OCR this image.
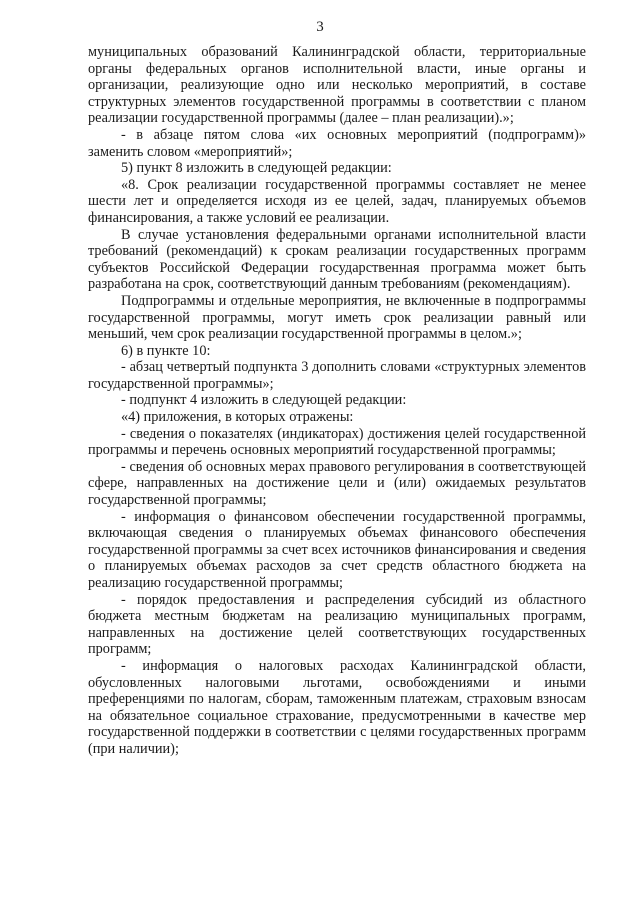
3

муниципальных образований Калининградской области, территориальные органы федеральных органов исполнительной власти, иные органы и организации, реализующие одно или несколько мероприятий, в составе структурных элементов государственной программы в соответствии с планом реализации государственной программы (далее – план реализации).»;

- в абзаце пятом слова «их основных мероприятий (подпрограмм)» заменить словом «мероприятий»;

5) пункт 8 изложить в следующей редакции:

«8. Срок реализации государственной программы составляет не менее шести лет и определяется исходя из ее целей, задач, планируемых объемов финансирования, а также условий ее реализации.

В случае установления федеральными органами исполнительной власти требований (рекомендаций) к срокам реализации государственных программ субъектов Российской Федерации государственная программа может быть разработана на срок, соответствующий данным требованиям (рекомендациям).

Подпрограммы и отдельные мероприятия, не включенные в подпрограммы государственной программы, могут иметь срок реализации равный или меньший, чем срок реализации государственной программы в целом.»;

6) в пункте 10:

- абзац четвертый подпункта 3 дополнить словами «структурных элементов государственной программы»;

- подпункт 4 изложить в следующей редакции:

«4) приложения, в которых отражены:

- сведения о показателях (индикаторах) достижения целей государственной программы и перечень основных мероприятий государственной программы;

- сведения об основных мерах правового регулирования в соответствующей сфере, направленных на достижение цели и (или) ожидаемых результатов государственной программы;

- информация о финансовом обеспечении государственной программы, включающая сведения о планируемых объемах финансового обеспечения государственной программы за счет всех источников финансирования и сведения о планируемых объемах расходов за счет средств областного бюджета на реализацию государственной программы;

- порядок предоставления и распределения субсидий из областного бюджета местным бюджетам на реализацию муниципальных программ, направленных на достижение целей соответствующих государственных программ;

- информация о налоговых расходах Калининградской области, обусловленных налоговыми льготами, освобождениями и иными преференциями по налогам, сборам, таможенным платежам, страховым взносам на обязательное социальное страхование, предусмотренными в качестве мер государственной поддержки в соответствии с целями государственных программ (при наличии);
